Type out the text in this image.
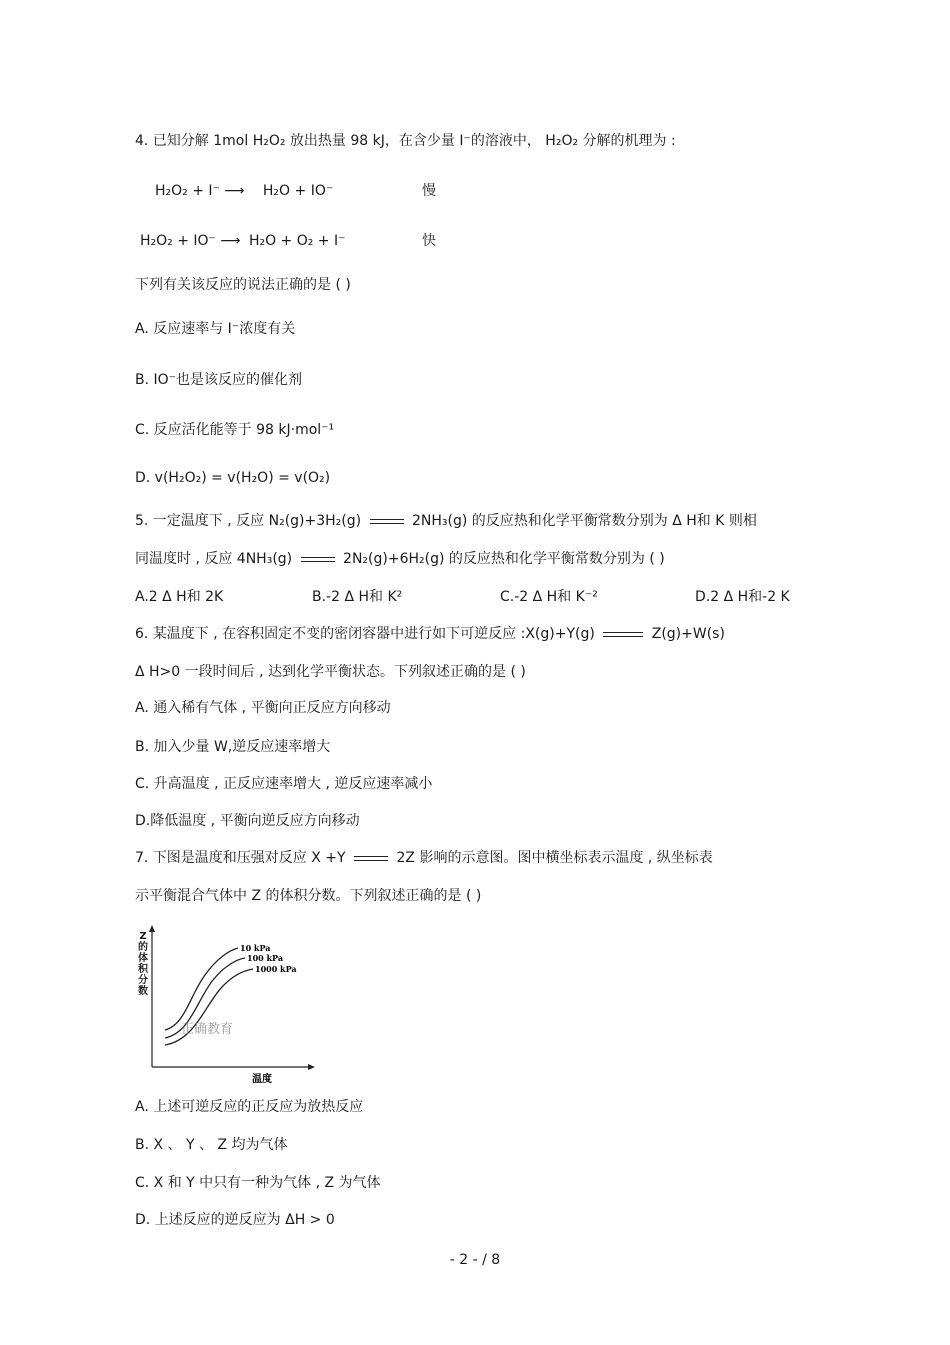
4. 已知分解 1mol H₂O₂ 放出热量 98 kJ，在含少量 I⁻的溶液中， H₂O₂ 分解的机理为 :
H₂O₂ + I⁻ ⟶ H₂O + IO⁻	慢
H₂O₂ + IO⁻ ⟶ H₂O + O₂ + I⁻	快
下列有关该反应的说法正确的是 ( )
A. 反应速率与 I⁻浓度有关
B. IO⁻也是该反应的催化剂
C. 反应活化能等于 98 kJ·mol⁻¹
D. v(H₂O₂) = v(H₂O) = v(O₂)
5. 一定温度下 , 反应 N₂(g)+3H₂(g)	2NH₃(g) 的反应热和化学平衡常数分别为 Δ H和 K 则相
同温度时 , 反应 4NH₃(g)	2N₂(g)+6H₂(g) 的反应热和化学平衡常数分别为 ( )
A.2 Δ H和 2K	B.-2 Δ H和 K²	C.-2 Δ H和 K⁻²	D.2 Δ H和-2 K
6. 某温度下 , 在容积固定不变的密闭容器中进行如下可逆反应 :X(g)+Y(g)	Z(g)+W(s)
Δ H>0 一段时间后 , 达到化学平衡状态。下列叙述正确的是 ( )
A. 通入稀有气体 , 平衡向正反应方向移动
B. 加入少量 W,逆反应速率增大
C. 升高温度 , 正反应速率增大 , 逆反应速率减小
D.降低温度 , 平衡向逆反应方向移动
7. 下图是温度和压强对反应 X +Y	2Z 影响的示意图。图中横坐标表示温度 , 纵坐标表
示平衡混合气体中 Z 的体积分数。下列叙述正确的是 ( )
10 kPa
100 kPa
1000 kPa
温度
正确教育
Z的体积分数
A. 上述可逆反应的正反应为放热反应
B. X 、 Y 、 Z 均为气体
C. X 和 Y 中只有一种为气体 , Z 为气体
D. 上述反应的逆反应为 ΔH > 0
- 2 - / 8
